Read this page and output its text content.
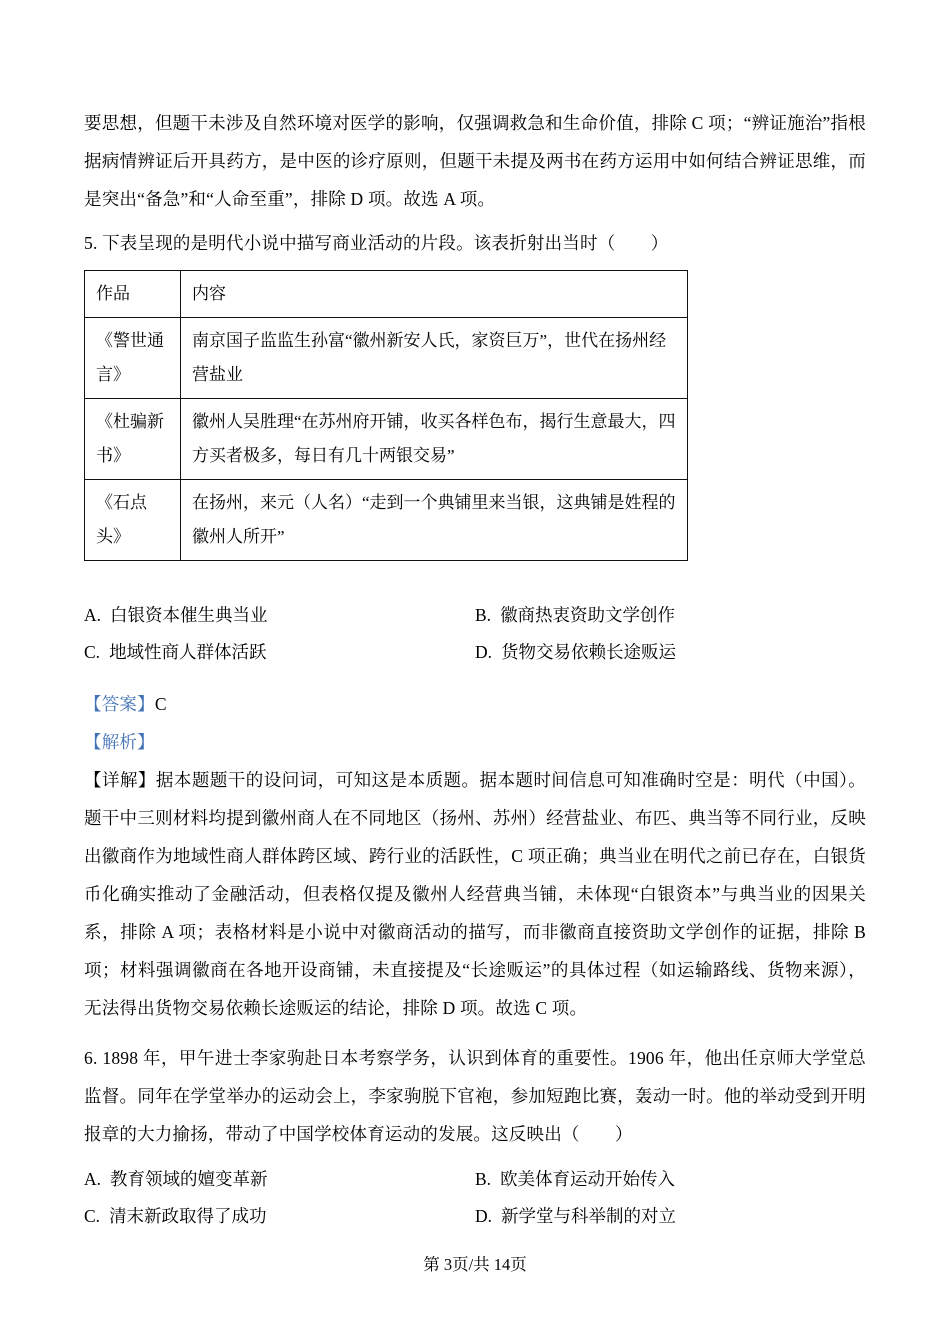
要思想，但题干未涉及自然环境对医学的影响，仅强调救急和生命价值，排除 C 项；“辨证施治”指根据病情辨证后开具药方，是中医的诊疗原则，但题干未提及两书在药方运用中如何结合辨证思维，而是突出“备急”和“人命至重”，排除 D 项。故选 A 项。

5. 下表呈现的是明代小说中描写商业活动的片段。该表折射出当时（　　）

作品	内容
《警世通言》	南京国子监监生孙富“徽州新安人氏，家资巨万”，世代在扬州经营盐业
《杜骗新书》	徽州人吴胜理“在苏州府开铺，收买各样色布，揭行生意最大，四方买者极多，每日有几十两银交易”
《石点头》	在扬州，来元（人名）“走到一个典铺里来当银，这典铺是姓程的徽州人所开”
A. 白银资本催生典当业	B. 徽商热衷资助文学创作
C. 地域性商人群体活跃	D. 货物交易依赖长途贩运

【答案】C

【解析】

【详解】据本题题干的设问词，可知这是本质题。据本题时间信息可知准确时空是：明代（中国）。题干中三则材料均提到徽州商人在不同地区（扬州、苏州）经营盐业、布匹、典当等不同行业，反映出徽商作为地域性商人群体跨区域、跨行业的活跃性，C 项正确；典当业在明代之前已存在，白银货币化确实推动了金融活动，但表格仅提及徽州人经营典当铺，未体现“白银资本”与典当业的因果关系，排除 A 项；表格材料是小说中对徽商活动的描写，而非徽商直接资助文学创作的证据，排除 B 项；材料强调徽商在各地开设商铺，未直接提及“长途贩运”的具体过程（如运输路线、货物来源），无法得出货物交易依赖长途贩运的结论，排除 D 项。故选 C 项。

6. 1898 年，甲午进士李家驹赴日本考察学务，认识到体育的重要性。1906 年，他出任京师大学堂总监督。同年在学堂举办的运动会上，李家驹脱下官袍，参加短跑比赛，轰动一时。他的举动受到开明报章的大力揄扬，带动了中国学校体育运动的发展。这反映出（　　）

A. 教育领域的嬗变革新	B. 欧美体育运动开始传入
C. 清末新政取得了成功	D. 新学堂与科举制的对立
第 3页/共 14页
